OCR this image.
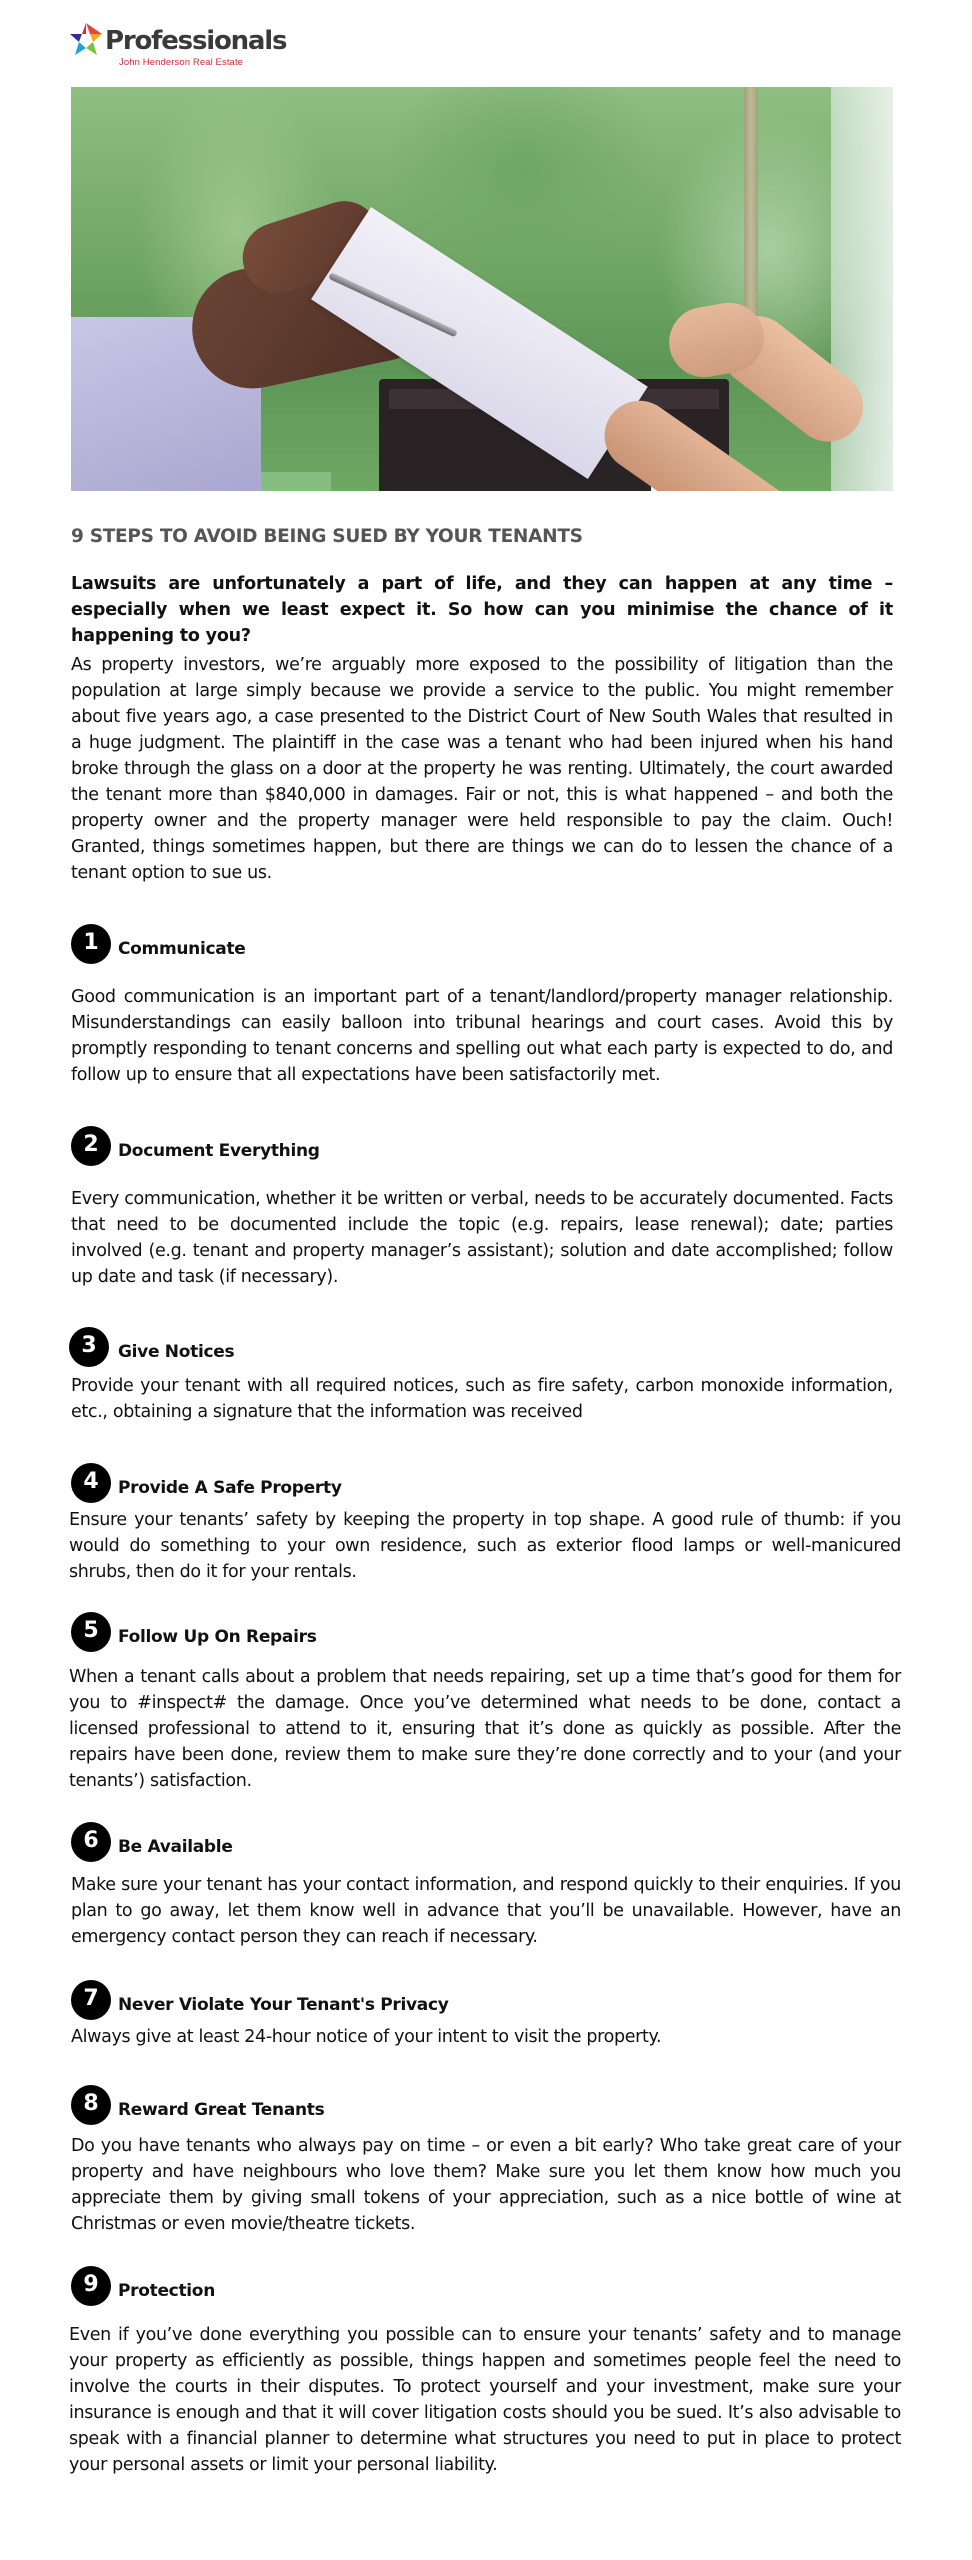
Professionals
John Henderson Real Estate
9 STEPS TO AVOID BEING SUED BY YOUR TENANTS

Lawsuits are unfortunately a part of life, and they can happen at any time – especially when we least expect it. So how can you minimise the chance of it happening to you?

As property investors, we’re arguably more exposed to the possibility of litigation than the population at large simply because we provide a service to the public. You might remember about five years ago, a case presented to the District Court of New South Wales that resulted in a huge judgment. The plaintiff in the case was a tenant who had been injured when his hand broke through the glass on a door at the property he was renting. Ultimately, the court awarded the tenant more than $840,000 in damages. Fair or not, this is what happened – and both the property owner and the property manager were held responsible to pay the claim. Ouch! Granted, things sometimes happen, but there are things we can do to lessen the chance of a tenant option to sue us.

1	Communicate

Good communication is an important part of a tenant/landlord/property manager relationship. Misunderstandings can easily balloon into tribunal hearings and court cases. Avoid this by promptly responding to tenant concerns and spelling out what each party is expected to do, and follow up to ensure that all expectations have been satisfactorily met.

2	Document Everything

Every communication, whether it be written or verbal, needs to be accurately documented. Facts that need to be documented include the topic (e.g. repairs, lease renewal); date; parties involved (e.g. tenant and property manager’s assistant); solution and date accomplished; follow up date and task (if necessary).

3	Give Notices

Provide your tenant with all required notices, such as fire safety, carbon monoxide information, etc., obtaining a signature that the information was received

4	Provide A Safe Property

Ensure your tenants’ safety by keeping the property in top shape. A good rule of thumb: if you would do something to your own residence, such as exterior flood lamps or well-manicured shrubs, then do it for your rentals.

5	Follow Up On Repairs

When a tenant calls about a problem that needs repairing, set up a time that’s good for them for you to #inspect# the damage. Once you’ve determined what needs to be done, contact a licensed professional to attend to it, ensuring that it’s done as quickly as possible. After the repairs have been done, review them to make sure they’re done correctly and to your (and your tenants’) satisfaction.

6	Be Available

Make sure your tenant has your contact information, and respond quickly to their enquiries. If you plan to go away, let them know well in advance that you’ll be unavailable. However, have an emergency contact person they can reach if necessary.

7	Never Violate Your Tenant's Privacy

Always give at least 24-hour notice of your intent to visit the property.

8	Reward Great Tenants

Do you have tenants who always pay on time – or even a bit early? Who take great care of your property and have neighbours who love them? Make sure you let them know how much you appreciate them by giving small tokens of your appreciation, such as a nice bottle of wine at Christmas or even movie/theatre tickets.

9	Protection

Even if you’ve done everything you possible can to ensure your tenants’ safety and to manage your property as efficiently as possible, things happen and sometimes people feel the need to involve the courts in their disputes. To protect yourself and your investment, make sure your insurance is enough and that it will cover litigation costs should you be sued. It’s also advisable to speak with a financial planner to determine what structures you need to put in place to protect your personal assets or limit your personal liability.
